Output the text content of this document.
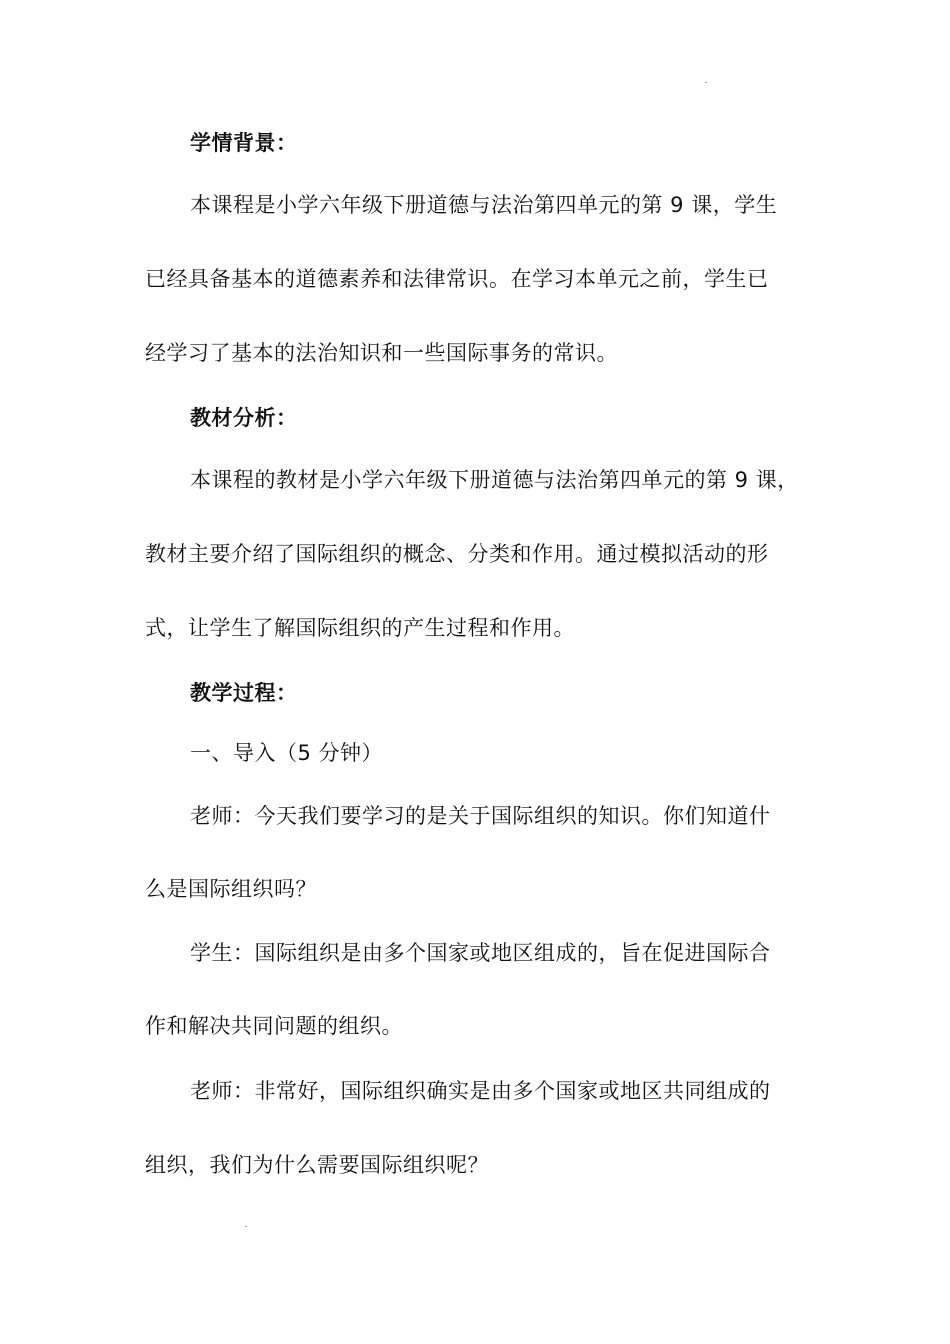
学情背景：
本课程是小学六年级下册道德与法治第四单元的第 9 课，学生
已经具备基本的道德素养和法律常识。在学习本单元之前，学生已
经学习了基本的法治知识和一些国际事务的常识。
教材分析：
本课程的教材是小学六年级下册道德与法治第四单元的第 9 课，
教材主要介绍了国际组织的概念、分类和作用。通过模拟活动的形
式，让学生了解国际组织的产生过程和作用。
教学过程：
一、导入（5 分钟）
老师：今天我们要学习的是关于国际组织的知识。你们知道什
么是国际组织吗？
学生：国际组织是由多个国家或地区组成的，旨在促进国际合
作和解决共同问题的组织。
老师：非常好，国际组织确实是由多个国家或地区共同组成的
组织，我们为什么需要国际组织呢？
